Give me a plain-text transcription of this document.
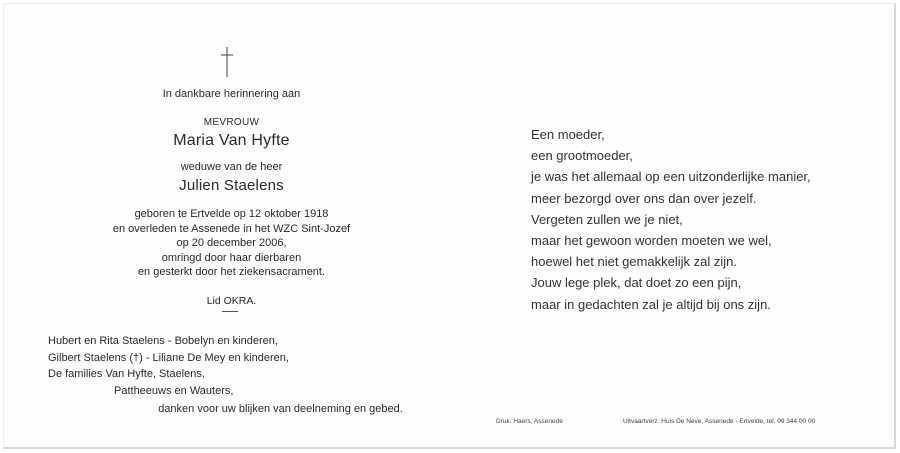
In dankbare herinnering aan
MEVROUW
Maria Van Hyfte
weduwe van de heer
Julien Staelens
geboren te Ertvelde op 12 oktober 1918
en overleden te Assenede in het WZC Sint-Jozef
op 20 december 2006,
omringd door haar dierbaren
en gesterkt door het ziekensacrament.
Lid OKRA.
Hubert en Rita Staelens - Bobelyn en kinderen,
Gilbert Staelens (†) - Liliane De Mey en kinderen,
De families Van Hyfte, Staelens,
Pattheeuws en Wauters,
danken voor uw blijken van deelneming en gebed.
Een moeder,
een grootmoeder,
je was het allemaal op een uitzonderlijke manier,
meer bezorgd over ons dan over jezelf.
Vergeten zullen we je niet,
maar het gewoon worden moeten we wel,
hoewel het niet gemakkelijk zal zijn.
Jouw lege plek, dat doet zo een pijn,
maar in gedachten zal je altijd bij ons zijn.
Druk. Haers, Assenede	Uitvaartverz. Huis De Neve, Assenede - Ertvelde, tel. 09 344 00 00
